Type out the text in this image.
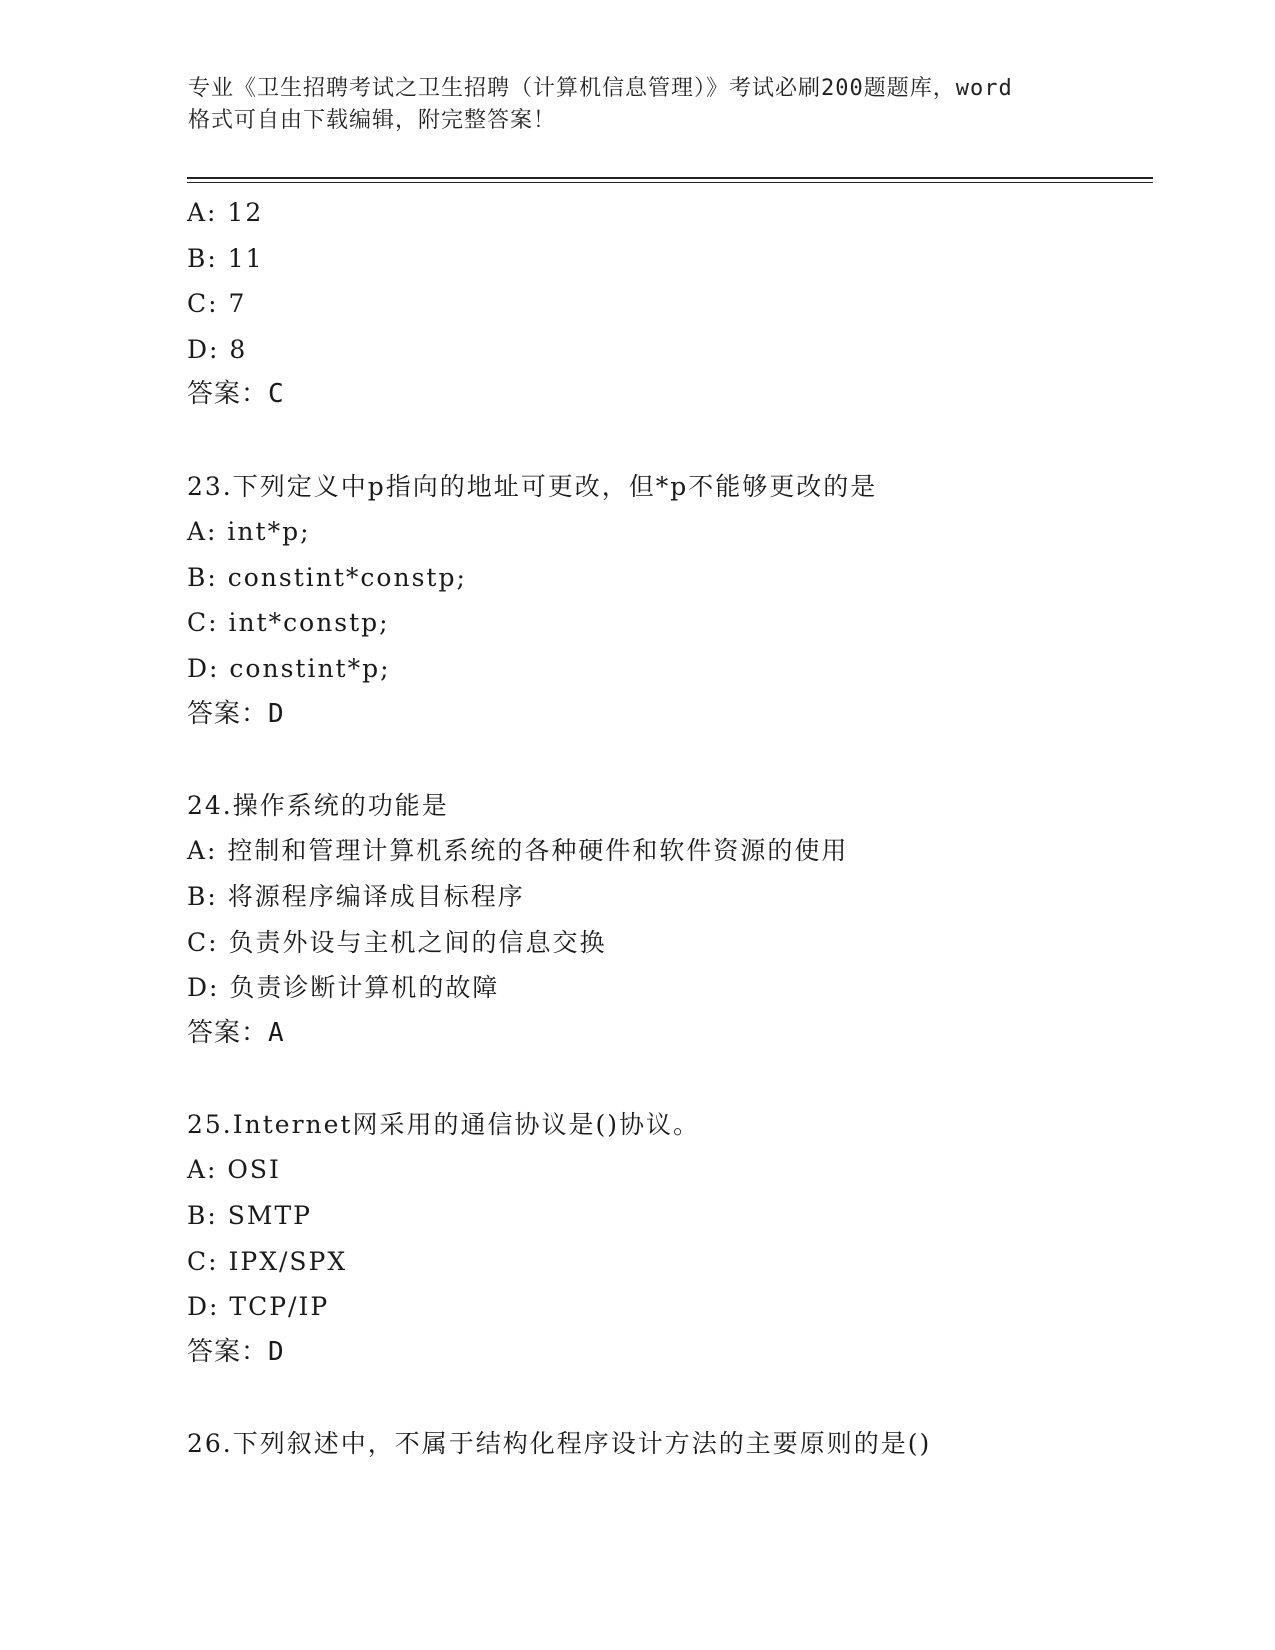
专业《卫生招聘考试之卫生招聘（计算机信息管理）》考试必刷200题题库，word
格式可自由下载编辑，附完整答案！
A: 12
B: 11
C: 7
D: 8
答案：C
23.下列定义中p指向的地址可更改，但*p不能够更改的是
A: int*p;
B: constint*constp;
C: int*constp;
D: constint*p;
答案：D
24.操作系统的功能是
A: 控制和管理计算机系统的各种硬件和软件资源的使用
B: 将源程序编译成目标程序
C: 负责外设与主机之间的信息交换
D: 负责诊断计算机的故障
答案：A
25.Internet网采用的通信协议是()协议。
A: OSI
B: SMTP
C: IPX/SPX
D: TCP/IP
答案：D
26.下列叙述中，不属于结构化程序设计方法的主要原则的是()
